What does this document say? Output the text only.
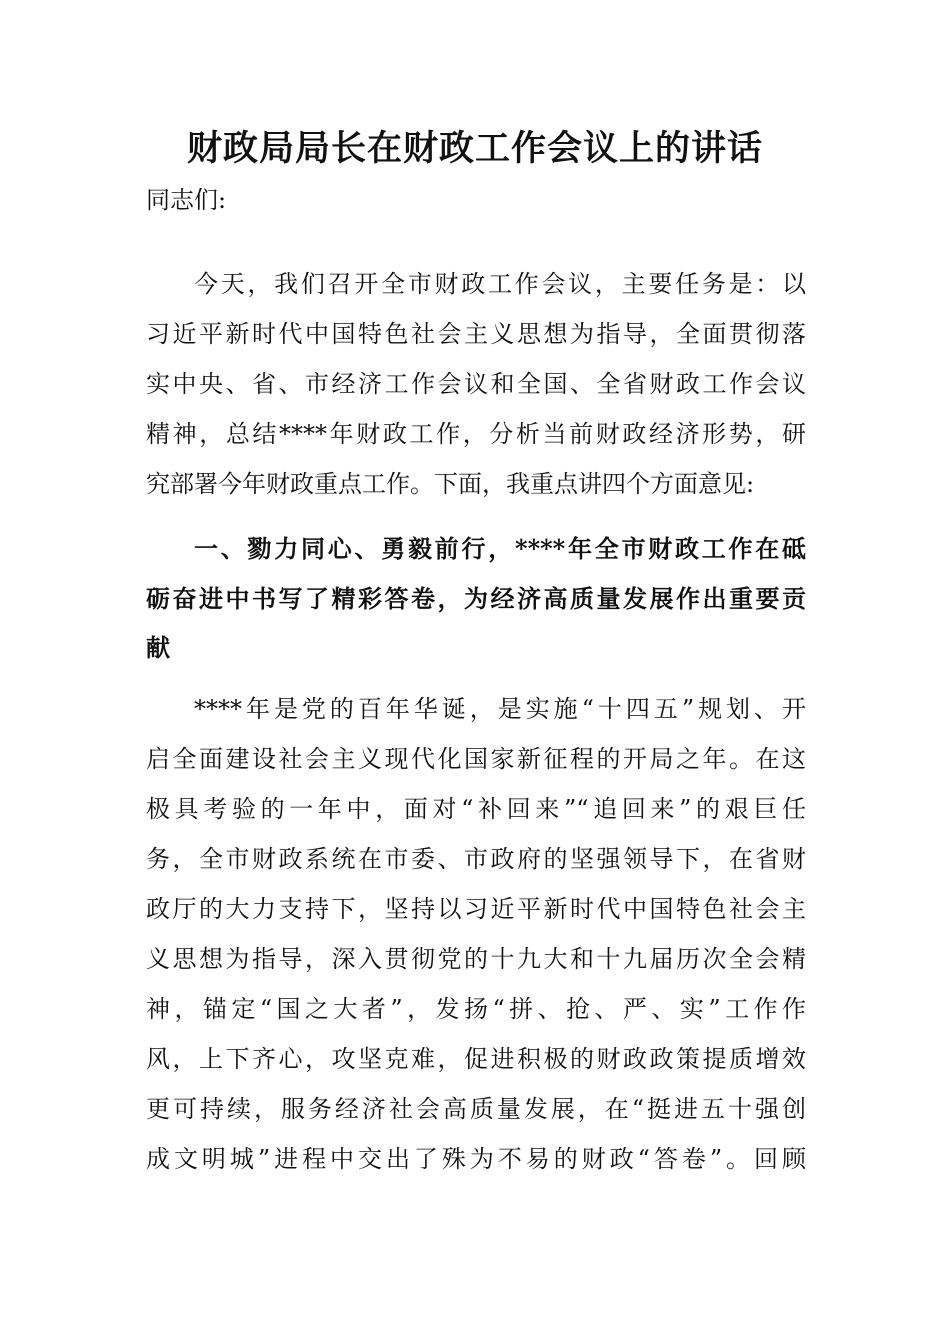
财政局局长在财政工作会议上的讲话

同志们:

今天，我们召开全市财政工作会议，主要任务是：以

习近平新时代中国特色社会主义思想为指导，全面贯彻落

实中央、省、市经济工作会议和全国、全省财政工作会议

精神，总结****年财政工作，分析当前财政经济形势，研

究部署今年财政重点工作。下面，我重点讲四个方面意见:

一、勠力同心、勇毅前行，****年全市财政工作在砥

砺奋进中书写了精彩答卷，为经济高质量发展作出重要贡

献

****年是党的百年华诞，是实施“十四五”规划、开

启全面建设社会主义现代化国家新征程的开局之年。在这

极具考验的一年中，面对“补回来”“追回来”的艰巨任

务，全市财政系统在市委、市政府的坚强领导下，在省财

政厅的大力支持下，坚持以习近平新时代中国特色社会主

义思想为指导，深入贯彻党的十九大和十九届历次全会精

神，锚定“国之大者”，发扬“拼、抢、严、实”工作作

风，上下齐心，攻坚克难，促进积极的财政政策提质增效

更可持续，服务经济社会高质量发展，在“挺进五十强创

成文明城”进程中交出了殊为不易的财政“答卷”。回顾
